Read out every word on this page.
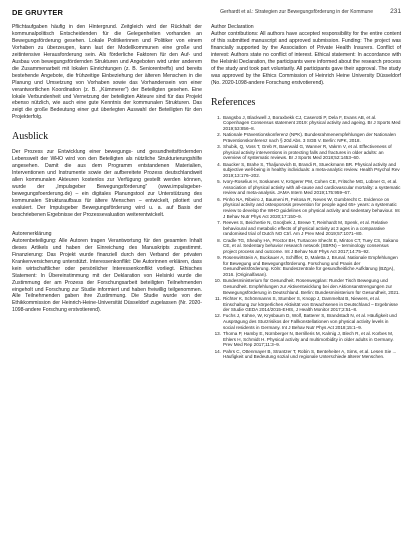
DE GRUYTER	Gerhardt et al.: Strategien zur Bewegungsförderung in der Kommune	231

Pflichtaufgaben häufig in den Hintergrund. Zeitgleich wird der Rückhalt der kommunalpolitisch Entscheidenden für die Gelegenheiten vorhanden an Bewegungsförderung gesehen. Lokale Politikerinnen und Politiker von einem Vorhaben zu überzeugen, kann laut der Modellkommunen eine große und zeitintensive Herausforderung sein. Als förderliche Faktoren für den Auf- und Ausbau von bewegungsfördernden Strukturen und Angeboten wird unter anderem die Zusammenarbeit mit lokalen Einrichtungen (z. B. Seniorentreffs) und bereits bestehende Angebote, die frühzeitige Einbeziehung der älteren Menschen in die Planung und Umsetzung von Vorhaben sowie das Vorhandensein von einer verantwortlichen Koordination (z. B. „Kümmerer“) der Beteiligten gesehen. Eine lokale Verbundenheit und Vernetzung der beteiligten Akteure sind für das Projekt ebenso nützlich, wie auch eine gute Kenntnis der kommunalen Strukturen. Das zeigt die große Bedeutung einer gut überlegten Auswahl der Beteiligten für den Projekterfolg.

Ausblick

Der Prozess zur Entwicklung einer bewegungs- und gesundheitsfördernden Lebenswelt der WHO wird von den Beteiligten als nützliche Strukturierungshilfe angesehen. Damit die aus dem Programm entstandenen Materialien, Interventionen und Instrumente sowie der aufbereitete Prozess deutschlandweit allen kommunalen Akteuren kostenlos zur Verfügung gestellt werden können, wurde der „Impulsgeber Bewegungsförderung“ (www.impulsgeber-bewegungsfoerderung.de) – ein digitales Planungstool zur Unterstützung des kommunalen Strukturaufbaus für ältere Menschen – entwickelt, pilotiert und evaluiert. Der Impulsgeber Bewegungsförderung wird u. a. auf Basis der beschriebenen Ergebnisse der Prozessevaluation weiterentwickelt.

Autorenerklärung

Autorenbeteiligung: Alle Autoren tragen Verantwortung für den gesamten Inhalt dieses Artikels und haben der Einreichung des Manuskripts zugestimmt. Finanzierung: Das Projekt wurde finanziell durch den Verband der privaten Krankenversicherung unterstützt. Interessenkonflikt: Die Autorinnen erklären, dass kein wirtschaftlicher oder persönlicher Interessenkonflikt vorliegt. Ethisches Statement: In Übereinstimmung mit der Deklaration von Helsinki wurde die Zustimmung der am Prozess der Forschungsarbeit beteiligten Teilnehmenden eingeholt und Forschung zur Studie informiert und haben freiwillig teilgenommen. Alle Teilnehmenden gaben ihre Zustimmung. Die Studie wurde von der Ethikkommission der Heinrich-Heine-Universität Düsseldorf zugelassen (Nr. 2020-1098-andere Forschung erstvotierend).

Author Declaration

Author contributions: All authors have accepted responsibility for the entire content of this submitted manuscript and approved submission. Funding: The project was financially supported by the Association of Private Health Insurers. Conflict of interest: Authors state no conflict of interest. Ethical statement: In accordance with the Helsinki Declaration, the participants were informed about the research process of the study and took part voluntarily. All participants gave their approval. The study was approved by the Ethics Commission of Heinrich Heine University Düsseldorf (No. 2020-1098-andere Forschung erstvotierend).

References
1. Bangsbo J, Blackwell J, Boraxbekk CJ, Caserotti P, Dela F, Evans AB, et al. Copenhagen Consensus statement 2019: physical activity and ageing. Br J Sports Med 2019;53:856–8.
2. Nationale Präventionskonferenz (NPK). Bundesrahmenempfehlungen der Nationalen Präventionskonferenz nach § 20d Abs. 3 SGB V. Berlin: NPK, 2018.
3. Shubik, Q, Voss T, Greb R, Baerwald G, Wanner R, Vakrm V, et al. Effectiveness of physical activity interventions in protecting falls and fractures in older adults: an overview of systematic reviews. Br J Sports Med 2018;52:1453–60.
4. Baucker S, Brahe S, Thaljunovich B, Brandi R, Stueckmann BR. Physical activity and subjective well-being in healthy individuals: a meta-analytic review. Health Psychol Rev 2019;13:176–202.
5. Ivory-Roselius H, Soskanes V, Krögerer PM, Cohen CE, Fritsche MG, Lübner G, et al. Association of physical activity with all-cause and cardiovascular mortality: a systematic review and meta-analysis. JAMA Intern Med 2019;175:959–67.
6. Pinho NA, Ribeiro J, Baumeni R, Feitosa R, Neves W, Gumbrecht C. Evidence on physical activity and osteoporosis prevention for people aged 65+ years: a systematic review to develop the WHO guidelines on physical activity and sedentary behaviour. Int J Behav Nutr Phys Act 2020;17:150–9.
7. Reeves S, Beichertie N, Gnorjbek J, Brewe T, Reinhardt M, Spenk, et al. Relative behavioural and metabolic effects of physical activity at 3 ages in a comparative randomised trial of Dutch NO Ctrl. Am J Prev Med 2019;57:1071–80.
8. Cradle TG, Sheahy HA, Proctor BH, Turtacore Shecht E, Minton CT, Tuey CS, Sakano CE, et al. Sedentary behavior research network (SBRN) – terminology consensus project process and outcome. Int J Behav Nutr Phys Act 2017;14:75–92.
9. Rosenwirtstein A, Buckauer A, Schiffler, D, Maletta J, Brunal. Nationale Empfehlungen für Bewegung und Bewegungsförderung. Forschung und Praxis der Gesundheitsförderung. Köln: Bundeszentrale für gesundheitliche Aufklärung (BZgA), 2016. (Originalfasan).
10. Bundesministerium für Gesundheit. Rosenwegplan: Runder Tisch Bewegung und Gesundheit. Empfehlungen zur Aktiventwicklung bei den Aktionsanstrengungen zur Bewegungsförderung in Deutschland. Berlin: Bundesministerium für Gesundheit, 2021.
11. Richter K, Schönmanns S, Stumber S, Knopp J, Dammeltat B, Niewers, et al. Einschaltung zur körperlichen Aktivität von Erwachsenen in Deutschland – Ergebnisse der Studie GEDA 2014/2015-EHIS, J Health Monitor 2017;2:51–8.
12. Fuchs J, Kühne, W, Krysbaum D, Wolf, Batterer S, Brandstadt N, et al. Häufigkeit und Ausprägung des Sturzrisikos der Fallkonstellationen von physical activity levels in social residents in Germany. Int J Behav Nutr Phys Act 2018;15:1–9.
13. Thoma P, Hamby E, Nürnberger N, Berrilleris M, Kalmig J, Blech R, et al. Korbes M, Ehlers H, Schmidt H. Physical activity and multimorbidity in older adults in Germany. Prev Med Rep 2017;11:3–9.
14. Pahrs C, Ottenmayer B, Strantzer T, Robin S, Benteheiter A, Sims, et al. Lesen Sie ... Häufigkeit und Bedeutung sozial und regionale Unterschiede älterer Menschen.
